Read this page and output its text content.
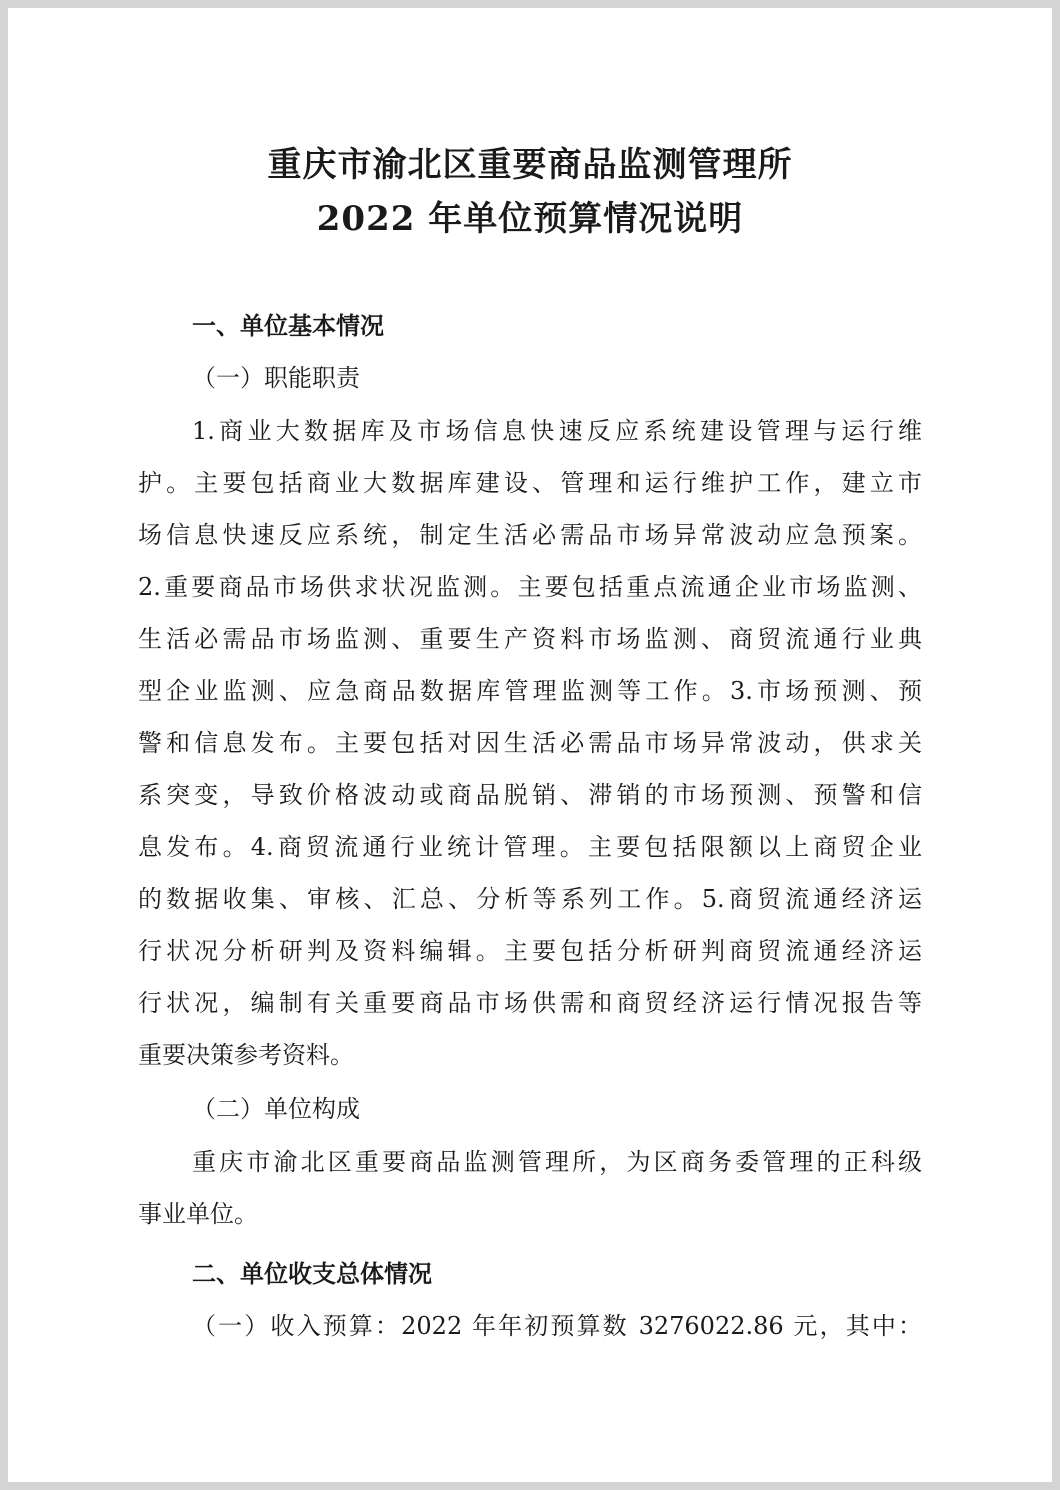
重庆市渝北区重要商品监测管理所
2022 年单位预算情况说明
一、单位基本情况
（一）职能职责
1.商业大数据库及市场信息快速反应系统建设管理与运行维
护。主要包括商业大数据库建设、管理和运行维护工作，建立市
场信息快速反应系统，制定生活必需品市场异常波动应急预案。
2.重要商品市场供求状况监测。主要包括重点流通企业市场监测、
生活必需品市场监测、重要生产资料市场监测、商贸流通行业典
型企业监测、应急商品数据库管理监测等工作。3.市场预测、预
警和信息发布。主要包括对因生活必需品市场异常波动，供求关
系突变，导致价格波动或商品脱销、滞销的市场预测、预警和信
息发布。4.商贸流通行业统计管理。主要包括限额以上商贸企业
的数据收集、审核、汇总、分析等系列工作。5.商贸流通经济运
行状况分析研判及资料编辑。主要包括分析研判商贸流通经济运
行状况，编制有关重要商品市场供需和商贸经济运行情况报告等
重要决策参考资料。
（二）单位构成
重庆市渝北区重要商品监测管理所，为区商务委管理的正科级
事业单位。
二、单位收支总体情况
（一）收入预算：2022 年年初预算数 3276022.86 元，其中：
